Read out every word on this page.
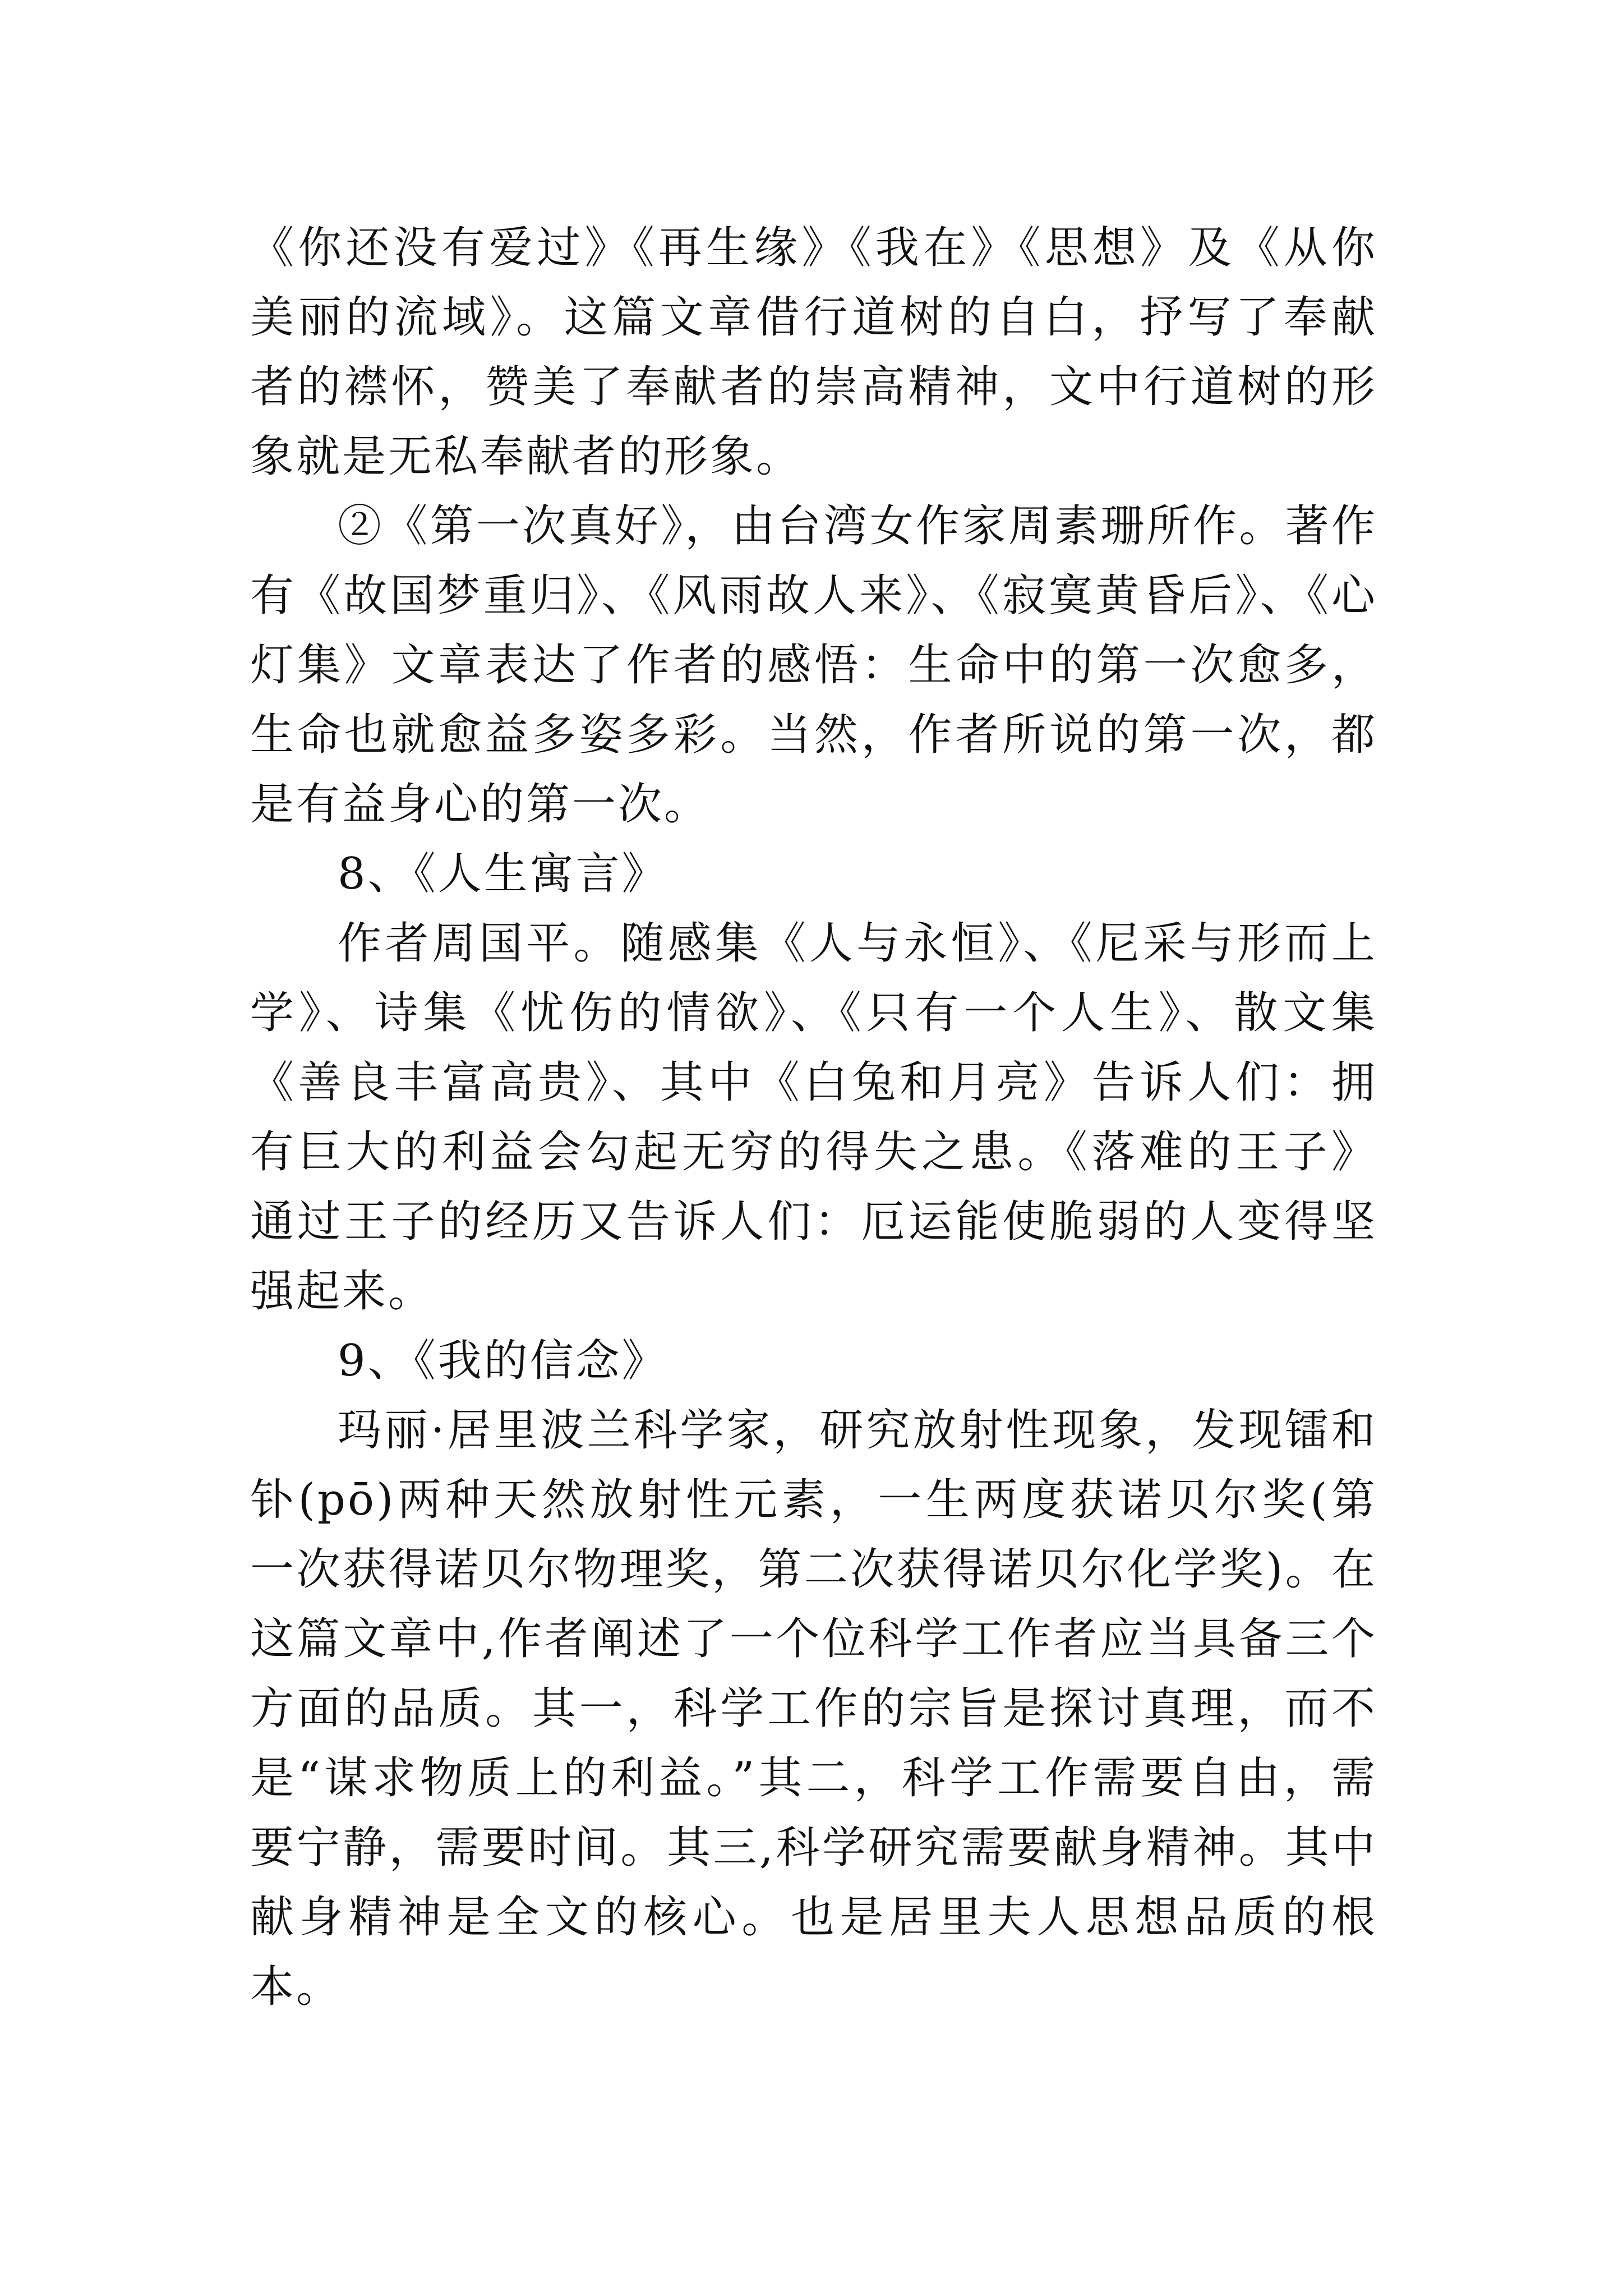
《你还没有爱过》《再生缘》《我在》《思想》及《从你美丽的流域》。这篇文章借行道树的自白，抒写了奉献者的襟怀，赞美了奉献者的崇高精神，文中行道树的形象就是无私奉献者的形象。

②《第一次真好》，由台湾女作家周素珊所作。著作有《故国梦重归》、《风雨故人来》、《寂寞黄昏后》、《心灯集》文章表达了作者的感悟：生命中的第一次愈多，生命也就愈益多姿多彩。当然，作者所说的第一次，都是有益身心的第一次。

8、《人生寓言》

作者周国平。随感集《人与永恒》、《尼采与形而上学》、诗集《忧伤的情欲》、《只有一个人生》、散文集《善良丰富高贵》、其中《白兔和月亮》告诉人们：拥有巨大的利益会勾起无穷的得失之患。《落难的王子》通过王子的经历又告诉人们：厄运能使脆弱的人变得坚强起来。

9、《我的信念》

玛丽·居里波兰科学家，研究放射性现象，发现镭和钋(pō)两种天然放射性元素，一生两度获诺贝尔奖(第一次获得诺贝尔物理奖，第二次获得诺贝尔化学奖)。在这篇文章中,作者阐述了一个位科学工作者应当具备三个方面的品质。其一，科学工作的宗旨是探讨真理，而不是“谋求物质上的利益。”其二，科学工作需要自由，需要宁静，需要时间。其三,科学研究需要献身精神。其中献身精神是全文的核心。也是居里夫人思想品质的根本。
